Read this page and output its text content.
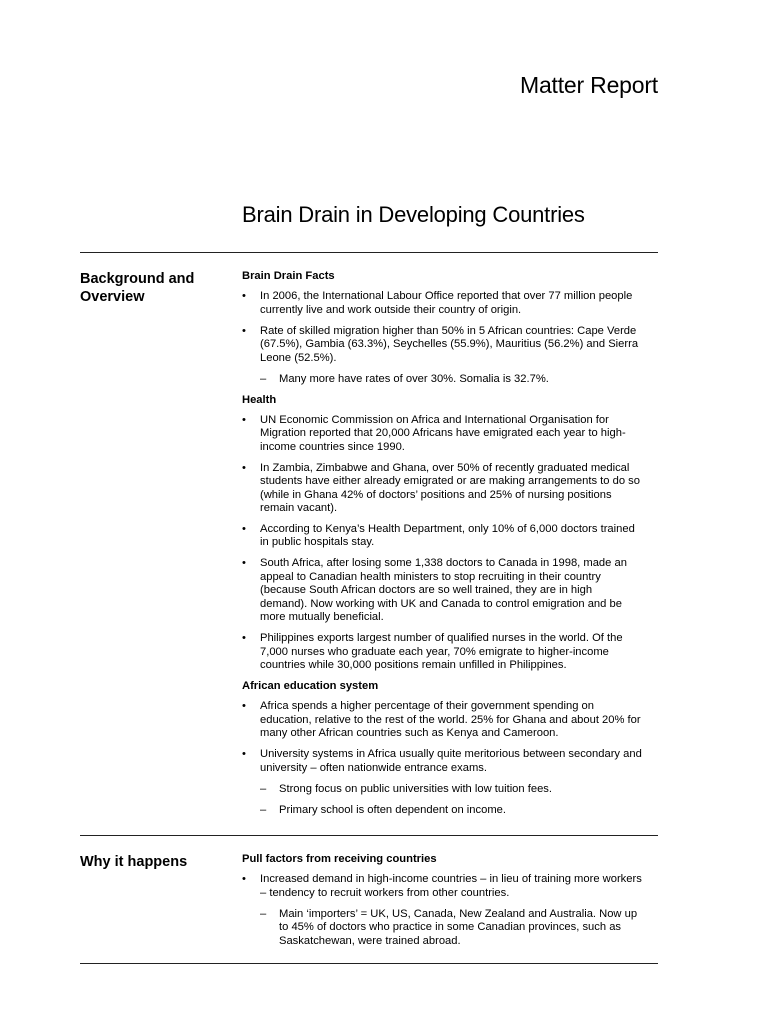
Matter Report
Brain Drain in Developing Countries
Background and Overview
Brain Drain Facts
• In 2006, the International Labour Office reported that over 77 million people currently live and work outside their country of origin.
• Rate of skilled migration higher than 50% in 5 African countries: Cape Verde (67.5%), Gambia (63.3%), Seychelles (55.9%), Mauritius (56.2%) and Sierra Leone (52.5%).
– Many more have rates of over 30%. Somalia is 32.7%.
Health
• UN Economic Commission on Africa and International Organisation for Migration reported that 20,000 Africans have emigrated each year to high-income countries since 1990.
• In Zambia, Zimbabwe and Ghana, over 50% of recently graduated medical students have either already emigrated or are making arrangements to do so (while in Ghana 42% of doctors’ positions and 25% of nursing positions remain vacant).
• According to Kenya’s Health Department, only 10% of 6,000 doctors trained in public hospitals stay.
• South Africa, after losing some 1,338 doctors to Canada in 1998, made an appeal to Canadian health ministers to stop recruiting in their country (because South African doctors are so well trained, they are in high demand). Now working with UK and Canada to control emigration and be more mutually beneficial.
• Philippines exports largest number of qualified nurses in the world. Of the 7,000 nurses who graduate each year, 70% emigrate to higher-income countries while 30,000 positions remain unfilled in Philippines.
African education system
• Africa spends a higher percentage of their government spending on education, relative to the rest of the world. 25% for Ghana and about 20% for many other African countries such as Kenya and Cameroon.
• University systems in Africa usually quite meritorious between secondary and university – often nationwide entrance exams.
– Strong focus on public universities with low tuition fees.
– Primary school is often dependent on income.
Why it happens	Pull factors from receiving countries
• Increased demand in high-income countries – in lieu of training more workers – tendency to recruit workers from other countries.
– Main ‘importers’ = UK, US, Canada, New Zealand and Australia. Now up to 45% of doctors who practice in some Canadian provinces, such as Saskatchewan, were trained abroad.
